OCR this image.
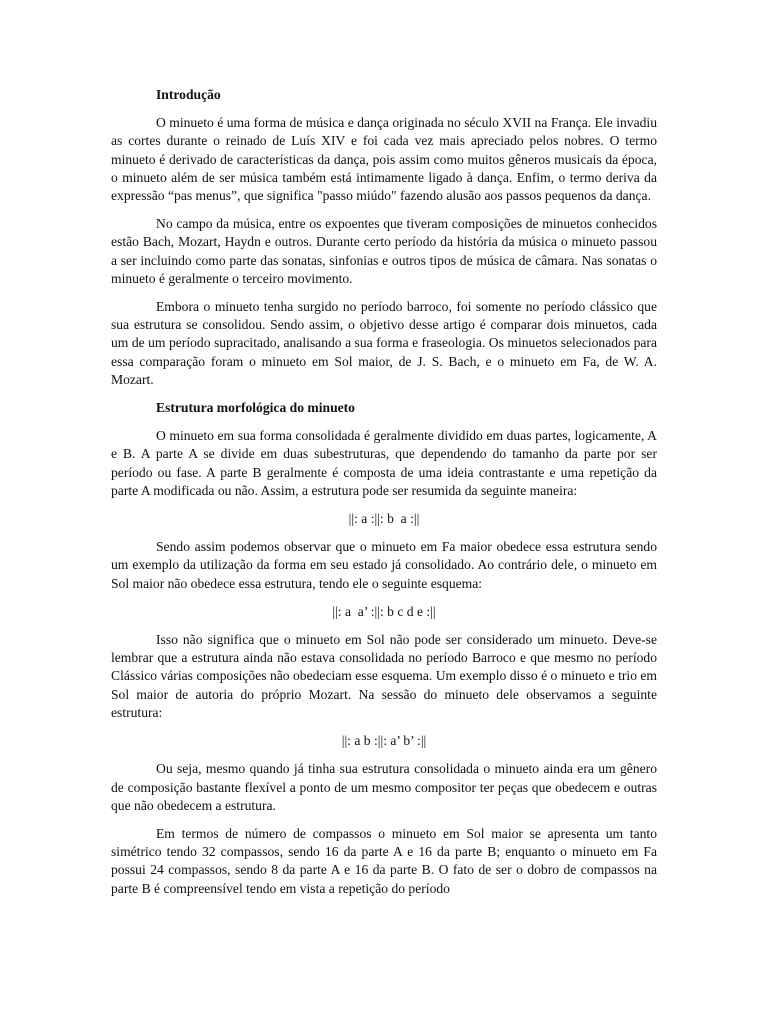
Introdução

O minueto é uma forma de música e dança originada no século XVII na França. Ele invadiu as cortes durante o reinado de Luís XIV e foi cada vez mais apreciado pelos nobres. O termo minueto é derivado de características da dança, pois assim como muitos gêneros musicais da época, o minueto além de ser música também está intimamente ligado à dança. Enfim, o termo deriva da expressão “pas menus”, que significa "passo miúdo" fazendo alusão aos passos pequenos da dança.

No campo da música, entre os expoentes que tiveram composições de minuetos conhecidos estão Bach, Mozart, Haydn e outros. Durante certo período da história da música o minueto passou a ser incluindo como parte das sonatas, sinfonias e outros tipos de música de câmara. Nas sonatas o minueto é geralmente o terceiro movimento.

Embora o minueto tenha surgido no período barroco, foi somente no período clássico que sua estrutura se consolidou. Sendo assim, o objetivo desse artigo é comparar dois minuetos, cada um de um período supracitado, analisando a sua forma e fraseologia. Os minuetos selecionados para essa comparação foram o minueto em Sol maior, de J. S. Bach, e o minueto em Fa, de W. A. Mozart.

Estrutura morfológica do minueto

O minueto em sua forma consolidada é geralmente dividido em duas partes, logicamente, A e B. A parte A se divide em duas subestruturas, que dependendo do tamanho da parte por ser período ou fase. A parte B geralmente é composta de uma ideia contrastante e uma repetição da parte A modificada ou não. Assim, a estrutura pode ser resumida da seguinte maneira:

||: a :||: b  a :||

Sendo assim podemos observar que o minueto em Fa maior obedece essa estrutura sendo um exemplo da utilização da forma em seu estado já consolidado. Ao contrário dele, o minueto em Sol maior não obedece essa estrutura, tendo ele o seguinte esquema:

||: a  a’ :||: b c d e :||

Isso não significa que o minueto em Sol não pode ser considerado um minueto. Deve-se lembrar que a estrutura ainda não estava consolidada no período Barroco e que mesmo no período Clássico várias composições não obedeciam esse esquema. Um exemplo disso é o minueto e trio em Sol maior de autoria do próprio Mozart. Na sessão do minueto dele observamos a seguinte estrutura:

||: a b :||: a’ b’ :||

Ou seja, mesmo quando já tinha sua estrutura consolidada o minueto ainda era um gênero de composição bastante flexível a ponto de um mesmo compositor ter peças que obedecem e outras que não obedecem a estrutura.

Em termos de número de compassos o minueto em Sol maior se apresenta um tanto simétrico tendo 32 compassos, sendo 16 da parte A e 16 da parte B; enquanto o minueto em Fa possui 24 compassos, sendo 8 da parte A e 16 da parte B. O fato de ser o dobro de compassos na parte B é compreensível tendo em vista a repetição do período
